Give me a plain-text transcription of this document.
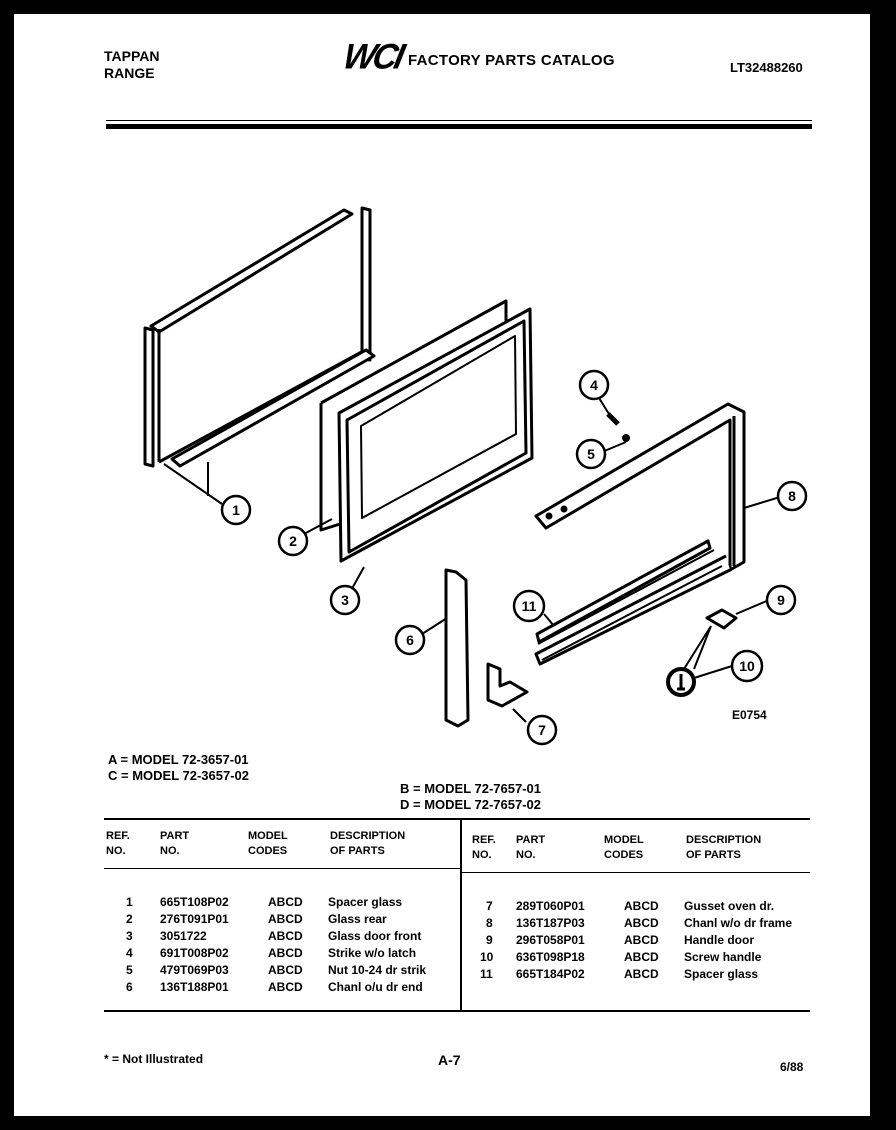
TAPPAN
RANGE	WCI FACTORY PARTS CATALOG	LT32488260
1
2
3
4
5
6
7
8
9
10
11
E0754
A = MODEL 72-3657-01
C = MODEL 72-3657-02
B = MODEL 72-7657-01
D = MODEL 72-7657-02
REF.
NO.
PART
NO.
MODEL
CODES
DESCRIPTION
OF PARTS
REF.
NO.
PART
NO.
MODEL
CODES
DESCRIPTION
OF PARTS
1 665T108P02	ABCD Spacer glass
2 276T091P01	ABCD Glass rear
3 3051722	ABCD Glass door front
4 691T008P02	ABCD Strike w/o latch
5 479T069P03	ABCD Nut 10-24 dr strik
6 136T188P01	ABCD Chanl o/u dr end
7 289T060P01	ABCD Gusset oven dr.
8 136T187P03	ABCD Chanl w/o dr frame
9 296T058P01	ABCD Handle door
10 636T098P18	ABCD Screw handle
11 665T184P02	ABCD Spacer glass
* = Not Illustrated	A-7	6/88
